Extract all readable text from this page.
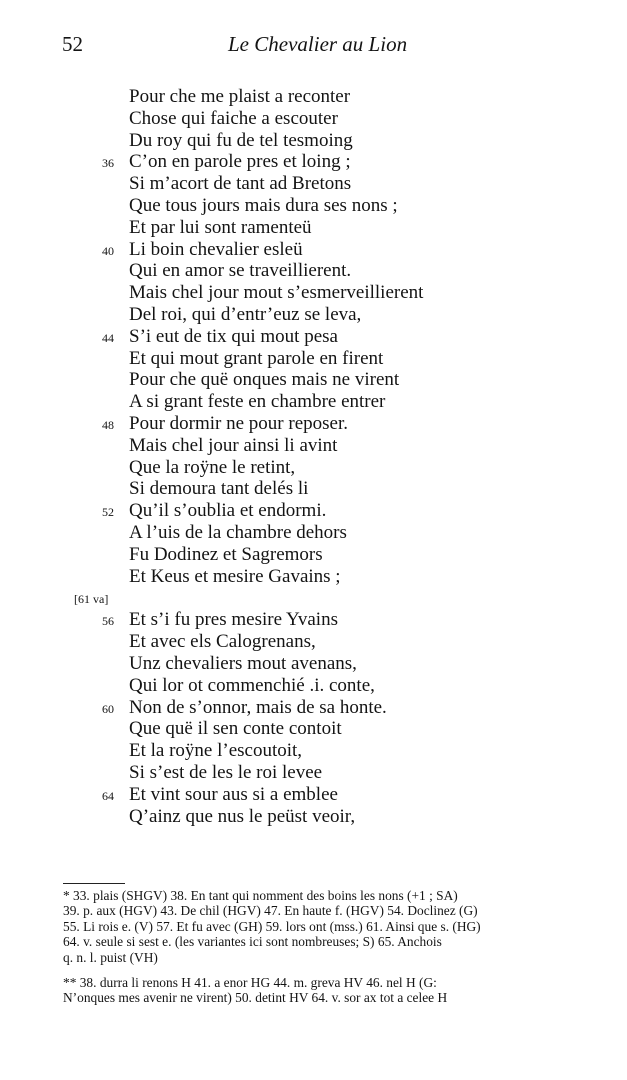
52	Le Chevalier au Lion
Pour che me plaist a reconter
Chose qui faiche a escouter
Du roy qui fu de tel tesmoing
36 C’on en parole pres et loing ;
Si m’acort de tant ad Bretons
Que tous jours mais dura ses nons ;
Et par lui sont ramenteü
40 Li boin chevalier esleü
Qui en amor se traveillierent.
Mais chel jour mout s’esmerveillierent
Del roi, qui d’entr’euz se leva,
44 S’i eut de tix qui mout pesa
Et qui mout grant parole en firent
Pour che quë onques mais ne virent
A si grant feste en chambre entrer
48 Pour dormir ne pour reposer.
Mais chel jour ainsi li avint
Que la roÿne le retint,
Si demoura tant delés li
52 Qu’il s’oublia et endormi.
A l’uis de la chambre dehors
Fu Dodinez et Sagremors
Et Keus et mesire Gavains ;
[61 va]
56 Et s’i fu pres mesire Yvains
Et avec els Calogrenans,
Unz chevaliers mout avenans,
Qui lor ot commenchié .i. conte,
60 Non de s’onnor, mais de sa honte.
Que quë il sen conte contoit
Et la roÿne l’escoutoit,
Si s’est de les le roi levee
64 Et vint sour aus si a emblee
Q’ainz que nus le peüst veoir,
* 33. plais (SHGV) 38. En tant qui nomment des boins les nons (+1 ; SA)
39. p. aux (HGV) 43. De chil (HGV) 47. En haute f. (HGV) 54. Doclinez (G)
55. Li rois e. (V) 57. Et fu avec (GH) 59. lors ont (mss.) 61. Ainsi que s. (HG)
64. v. seule si sest e. (les variantes ici sont nombreuses; S) 65. Anchois
q. n. l. puist (VH)
** 38. durra li renons H 41. a enor HG 44. m. greva HV 46. nel H (G:
N’onques mes avenir ne virent) 50. detint HV 64. v. sor ax tot a celee H
